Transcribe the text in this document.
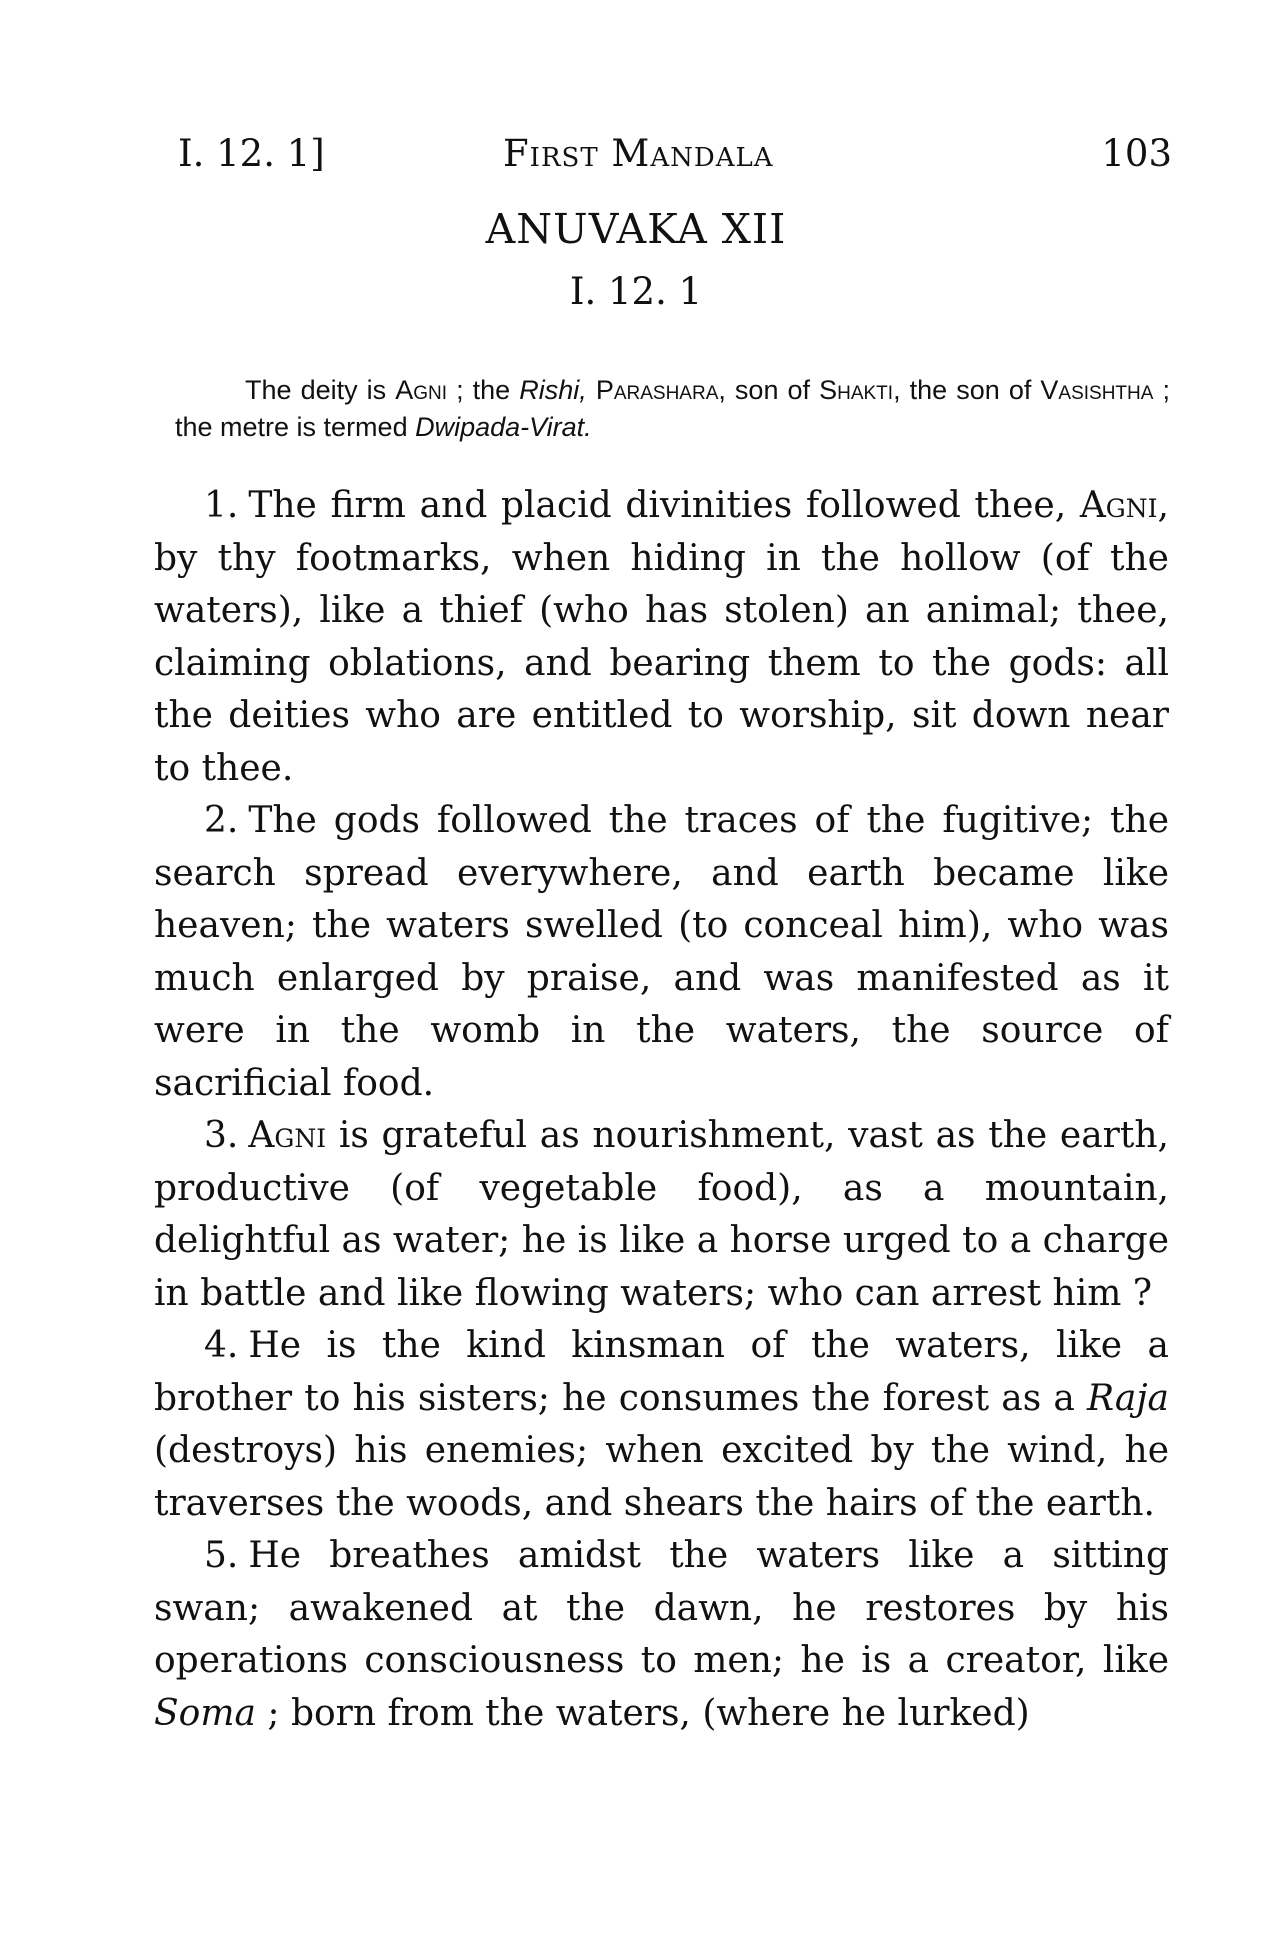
I. 12. 1]	First Mandala	103
ANUVAKA XII
I. 12. 1

The deity is Agni ; the Rishi, Parashara, son of Shakti, the son of Vasishtha ; the metre is termed Dwipada-Virat.

1. The firm and placid divinities followed thee, Agni, by thy footmarks, when hiding in the hollow (of the waters), like a thief (who has stolen) an animal; thee, claiming oblations, and bearing them to the gods: all the deities who are entitled to worship, sit down near to thee.

2. The gods followed the traces of the fugitive; the search spread everywhere, and earth became like heaven; the waters swelled (to conceal him), who was much enlarged by praise, and was manifested as it were in the womb in the waters, the source of sacrificial food.

3. Agni is grateful as nourishment, vast as the earth, productive (of vegetable food), as a mountain, delightful as water; he is like a horse urged to a charge in battle and like flowing waters; who can arrest him ?

4. He is the kind kinsman of the waters, like a brother to his sisters; he consumes the forest as a Raja (destroys) his enemies; when excited by the wind, he traverses the woods, and shears the hairs of the earth.

5. He breathes amidst the waters like a sitting swan; awakened at the dawn, he restores by his operations consciousness to men; he is a creator, like Soma ; born from the waters, (where he lurked)
